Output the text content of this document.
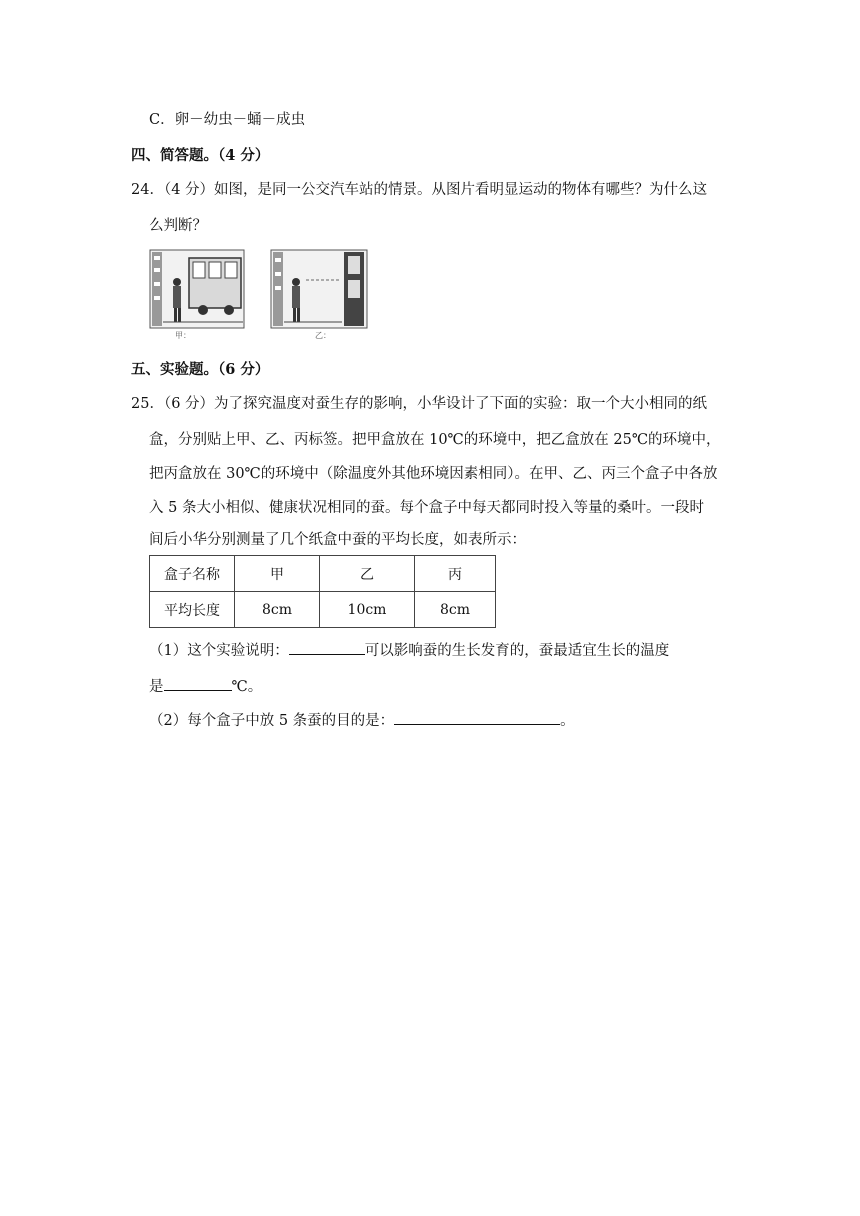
C．卵－幼虫－蛹－成虫
四、简答题。（4 分）
24．（4 分）如图，是同一公交汽车站的情景。从图片看明显运动的物体有哪些？为什么这
么判断？
甲：	乙：
五、实验题。（6 分）
25．（6 分）为了探究温度对蚕生存的影响，小华设计了下面的实验：取一个大小相同的纸
盒，分别贴上甲、乙、丙标签。把甲盒放在 10℃的环境中，把乙盒放在 25℃的环境中，
把丙盒放在 30℃的环境中（除温度外其他环境因素相同）。在甲、乙、丙三个盒子中各放
入 5 条大小相似、健康状况相同的蚕。每个盒子中每天都同时投入等量的桑叶。一段时
间后小华分别测量了几个纸盒中蚕的平均长度，如表所示：
盒子名称	甲	乙	丙
平均长度	8cm	10cm	8cm
（1）这个实验说明：	可以影响蚕的生长发育的，蚕最适宜生长的温度
是	℃。
（2）每个盒子中放 5 条蚕的目的是：	。
